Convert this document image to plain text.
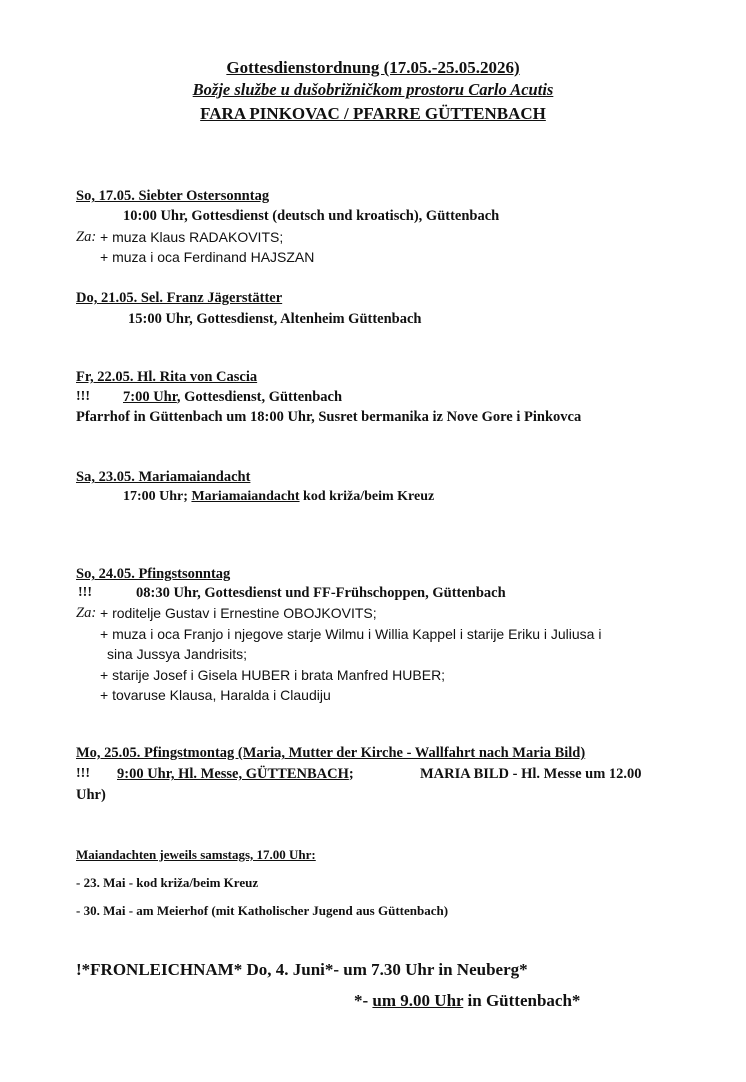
Gottesdienstordnung (17.05.-25.05.2026)
Božje službe u dušobrižničkom prostoru Carlo Acutis
FARA PINKOVAC / PFARRE GÜTTENBACH
So, 17.05. Siebter Ostersonntag
10:00 Uhr, Gottesdienst (deutsch und kroatisch), Güttenbach
Za: + muza Klaus RADAKOVITS;
+ muza i oca Ferdinand HAJSZAN
Do, 21.05. Sel. Franz Jägerstätter
15:00 Uhr, Gottesdienst, Altenheim Güttenbach
Fr, 22.05. Hl. Rita von Cascia
!!! 7:00 Uhr, Gottesdienst, Güttenbach
Pfarrhof in Güttenbach um 18:00 Uhr, Susret bermanika iz Nove Gore i Pinkovca
Sa, 23.05. Mariamaiandacht
17:00 Uhr; Mariamaiandacht kod križa/beim Kreuz
So, 24.05. Pfingstsonntag
!!!	08:30 Uhr, Gottesdienst und FF-Frühschoppen, Güttenbach
Za: + roditelje Gustav i Ernestine OBOJKOVITS;
+ muza i oca Franjo i njegove starje Wilmu i Willia Kappel i starije Eriku i Juliusa i
sina Jussya Jandrisits;
+ starije Josef i Gisela HUBER i brata Manfred HUBER;
+ tovaruse Klausa, Haralda i Claudiju
Mo, 25.05. Pfingstmontag (Maria, Mutter der Kirche - Wallfahrt nach Maria Bild)
!!! 9:00 Uhr, Hl. Messe, GÜTTENBACH;	MARIA BILD - Hl. Messe um 12.00
Uhr)
Maiandachten jeweils samstags, 17.00 Uhr:
- 23. Mai - kod križa/beim Kreuz
- 30. Mai - am Meierhof (mit Katholischer Jugend aus Güttenbach)
!*FRONLEICHNAM* Do, 4. Juni*- um 7.30 Uhr in Neuberg*
*- um 9.00 Uhr in Güttenbach*
